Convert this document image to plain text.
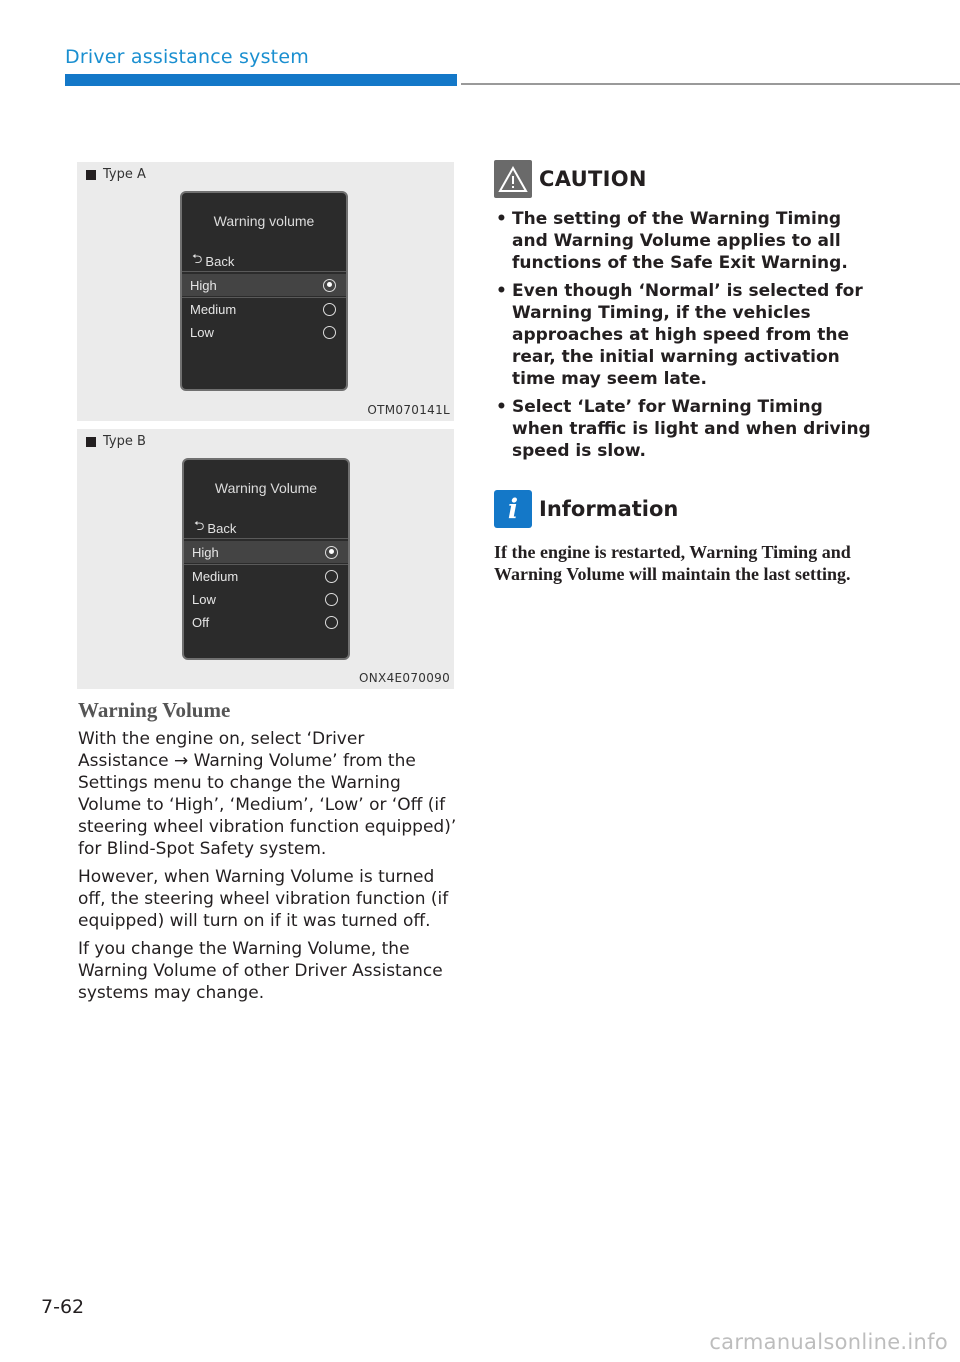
Driver assistance system
Type A
Warning volume
⮌ Back
High
Medium
Low
OTM070141L
Type B
Warning Volume
⮌ Back
High
Medium
Low
Off
ONX4E070090
Warning Volume

With the engine on, select ‘Driver Assistance → Warning Volume’ from the Settings menu to change the Warning Volume to ‘High’, ‘Medium’, ‘Low’ or ‘Off (if steering wheel vibration function equipped)’ for Blind-Spot Safety system.

However, when Warning Volume is turned off, the steering wheel vibration function (if equipped) will turn on if it was turned off.

If you change the Warning Volume, the Warning Volume of other Driver Assistance systems may change.

CAUTION
• The setting of the Warning Timing and Warning Volume applies to all functions of the Safe Exit Warning.
• Even though ‘Normal’ is selected for Warning Timing, if the vehicles approaches at high speed from the rear, the initial warning activation time may seem late.
• Select ‘Late’ for Warning Timing when traffic is light and when driving speed is slow.
i Information
If the engine is restarted, Warning Timing and Warning Volume will maintain the last setting.
7-62
carmanualsonline.info
